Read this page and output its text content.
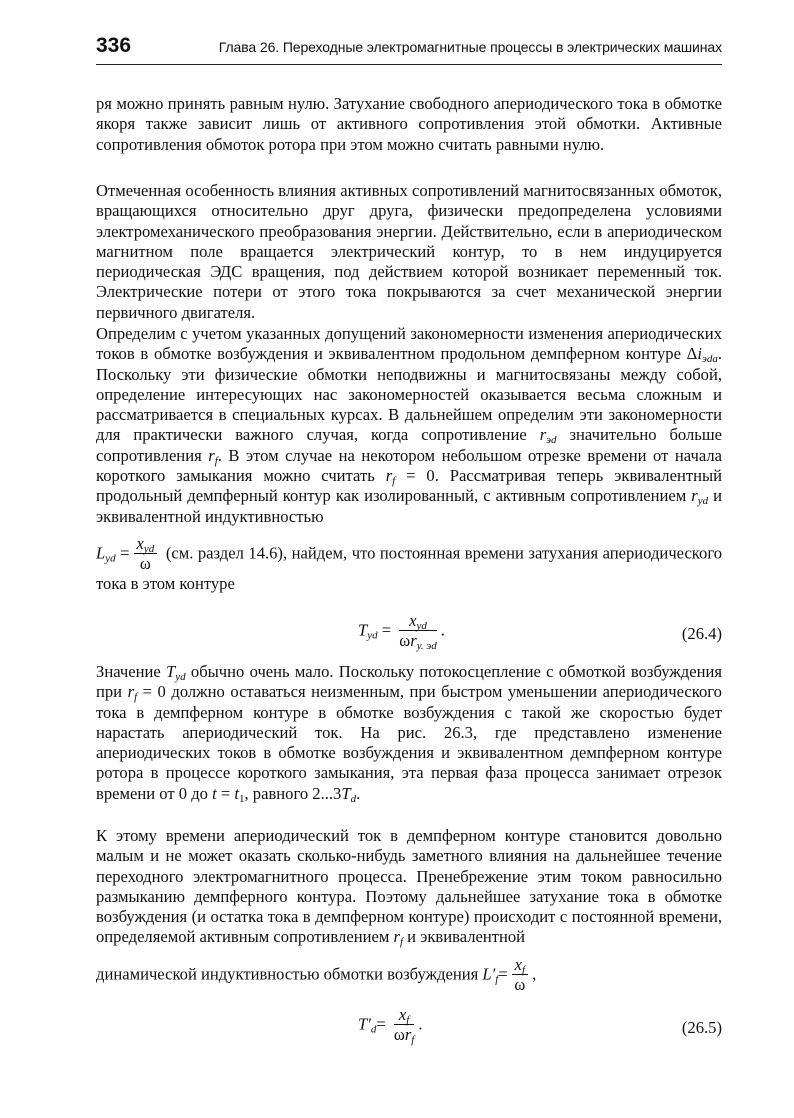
336	Глава 26. Переходные электромагнитные процессы в электрических машинах

ря можно принять равным нулю. Затухание свободного апериодического тока в обмотке якоря также зависит лишь от активного сопротивления этой обмотки. Активные сопротивления обмоток ротора при этом можно считать равными нулю.

Отмеченная особенность влияния активных сопротивлений магнитосвязанных обмоток, вращающихся относительно друг друга, физически предопределена условиями электромеханического преобразования энергии. Действительно, если в апериодическом магнитном поле вращается электрический контур, то в нем индуцируется периодическая ЭДС вращения, под действием которой возникает переменный ток. Электрические потери от этого тока покрываются за счет механической энергии первичного двигателя.

Определим с учетом указанных допущений закономерности изменения апериодических токов в обмотке возбуждения и эквивалентном продольном демпферном контуре $\Delta i_{эdа}$. Поскольку эти физические обмотки неподвижны и магнитосвязаны между собой, определение интересующих нас закономерностей оказывается весьма сложным и рассматривается в специальных курсах. В дальнейшем определим эти закономерности для практически важного случая, когда сопротивление $r_{эd}$ значительно больше сопротивления $r_f$. В этом случае на некотором небольшом отрезке времени от начала короткого замыкания можно считать $r_f = 0$. Рассматривая теперь эквивалентный продольный демпферный контур как изолированный, с активным сопротивлением $r_{yd}$ и эквивалентной индуктивностью

$L_{yd} = \frac{x_{yd}}{\omega} (см$. раздел 14.6), найдем, что постоянная времени затухания апериодического тока в этом контуре

$T_{yd} = \frac{x_{yd}}{\omega r_{у. эd}}$ .	(26.4)

Значение $T_{yd}$ обычно очень мало. Поскольку потокосцепление с обмоткой возбуждения при $r_f = 0$ должно оставаться неизменным, при быстром уменьшении апериодического тока в демпферном контуре в обмотке возбуждения с такой же скоростью будет нарастать апериодический ток. На рис. 26.3, где представлено изменение апериодических токов в обмотке возбуждения и эквивалентном демпферном контуре ротора в процессе короткого замыкания, эта первая фаза процесса занимает отрезок времени от 0 до $t = t_1$, равного $2...3T_d$.

К этому времени апериодический ток в демпферном контуре становится довольно малым и не может оказать сколько-нибудь заметного влияния на дальнейшее течение переходного электромагнитного процесса. Пренебрежение этим током равносильно размыканию демпферного контура. Поэтому дальнейшее затухание тока в обмотке возбуждения (и остатка тока в демпферном контуре) происходит с постоянной времени, определяемой активным сопротивлением $r_f$ и эквивалентной

динамической индуктивностью обмотки возбуждения $L'_f= \frac{x_f}{\omega}$ ,

$T'_d= \frac{x_f}{\omega r_f}$ .	(26.5)
